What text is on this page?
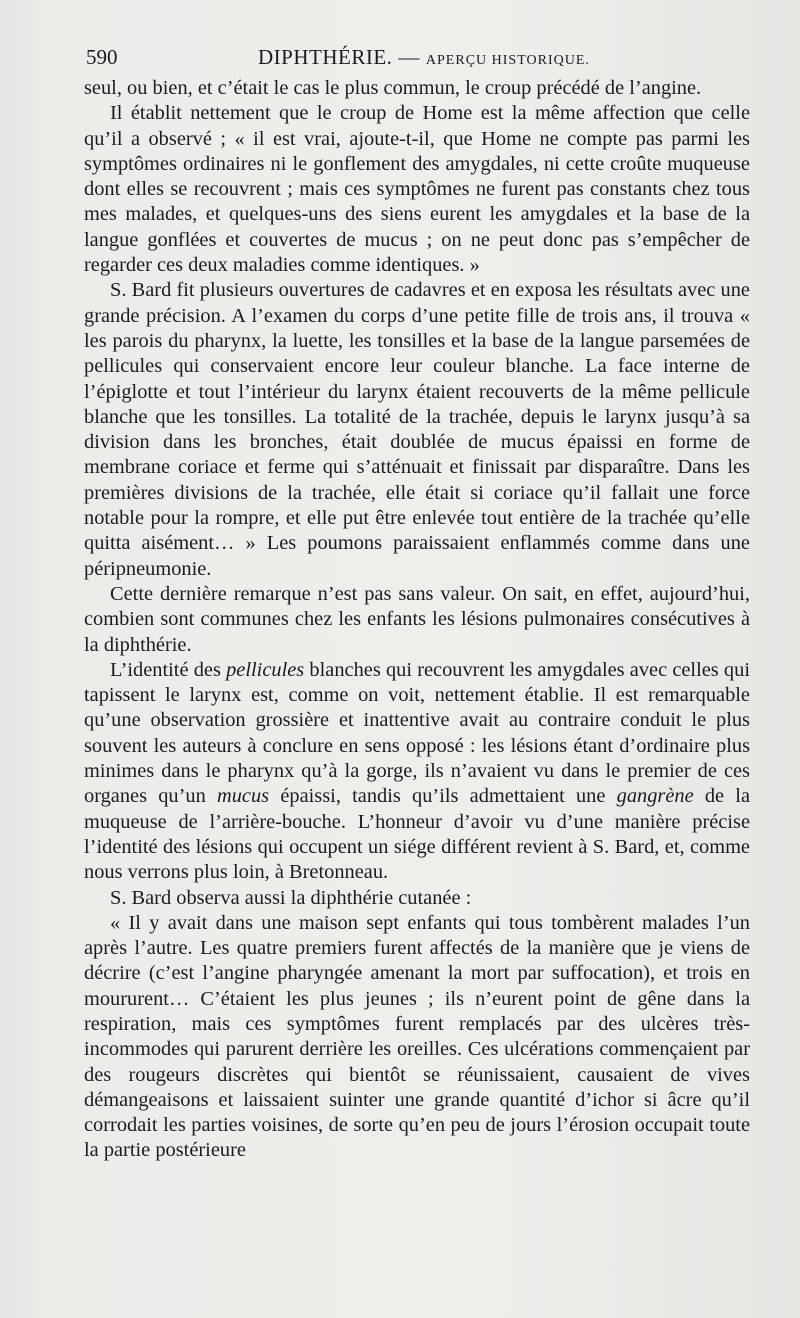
590	DIPHTHÉRIE. — APERÇU HISTORIQUE.

seul, ou bien, et c’était le cas le plus commun, le croup précédé de l’angine.

Il établit nettement que le croup de Home est la même affection que celle qu’il a observé ; « il est vrai, ajoute-t-il, que Home ne compte pas parmi les symptômes ordinaires ni le gonflement des amygdales, ni cette croûte muqueuse dont elles se recouvrent ; mais ces symptômes ne furent pas constants chez tous mes malades, et quelques-uns des siens eurent les amygdales et la base de la langue gonflées et couvertes de mucus ; on ne peut donc pas s’empêcher de regarder ces deux maladies comme identiques. »

S. Bard fit plusieurs ouvertures de cadavres et en exposa les résultats avec une grande précision. A l’examen du corps d’une petite fille de trois ans, il trouva « les parois du pharynx, la luette, les tonsilles et la base de la langue parsemées de pellicules qui conservaient encore leur couleur blanche. La face interne de l’épiglotte et tout l’intérieur du larynx étaient recouverts de la même pellicule blanche que les tonsilles. La totalité de la trachée, depuis le larynx jusqu’à sa division dans les bronches, était doublée de mucus épaissi en forme de membrane coriace et ferme qui s’atténuait et finissait par disparaître. Dans les premières divisions de la trachée, elle était si coriace qu’il fallait une force notable pour la rompre, et elle put être enlevée tout entière de la trachée qu’elle quitta aisément… » Les poumons paraissaient enflammés comme dans une péripneumonie.

Cette dernière remarque n’est pas sans valeur. On sait, en effet, aujourd’hui, combien sont communes chez les enfants les lésions pulmonaires consécutives à la diphthérie.

L’identité des pellicules blanches qui recouvrent les amygdales avec celles qui tapissent le larynx est, comme on voit, nettement établie. Il est remarquable qu’une observation grossière et inattentive avait au contraire conduit le plus souvent les auteurs à conclure en sens opposé : les lésions étant d’ordinaire plus minimes dans le pharynx qu’à la gorge, ils n’avaient vu dans le premier de ces organes qu’un mucus épaissi, tandis qu’ils admettaient une gangrène de la muqueuse de l’arrière-bouche. L’honneur d’avoir vu d’une manière précise l’identité des lésions qui occupent un siége différent revient à S. Bard, et, comme nous verrons plus loin, à Bretonneau.

S. Bard observa aussi la diphthérie cutanée :

« Il y avait dans une maison sept enfants qui tous tombèrent malades l’un après l’autre. Les quatre premiers furent affectés de la manière que je viens de décrire (c’est l’angine pharyngée amenant la mort par suffocation), et trois en moururent… C’étaient les plus jeunes ; ils n’eurent point de gêne dans la respiration, mais ces symptômes furent remplacés par des ulcères très-incommodes qui parurent derrière les oreilles. Ces ulcérations commençaient par des rougeurs discrètes qui bientôt se réunissaient, causaient de vives démangeaisons et laissaient suinter une grande quantité d’ichor si âcre qu’il corrodait les parties voisines, de sorte qu’en peu de jours l’érosion occupait toute la partie postérieure
